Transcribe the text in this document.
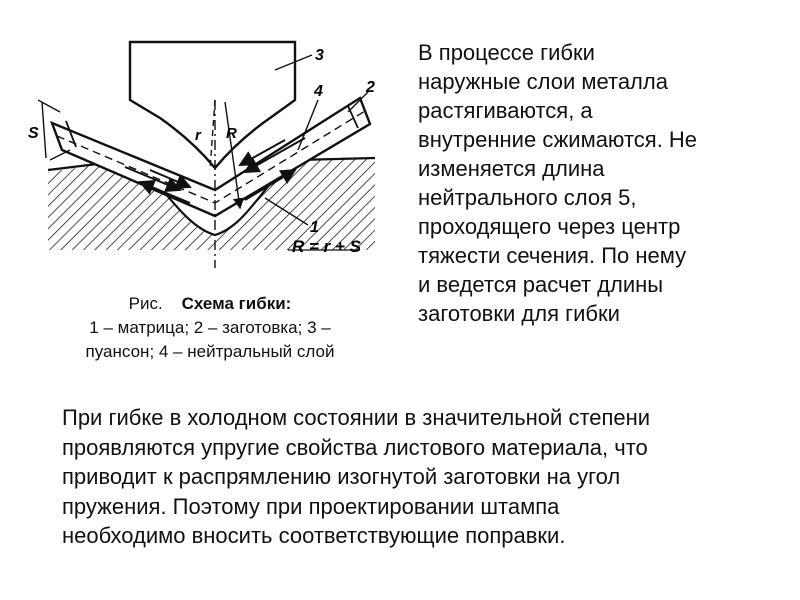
3
4	2
1
S	r R
R = r + S
Рис. Схема гибки:
1 – матрица; 2 – заготовка; 3 –
пуансон; 4 – нейтральный слой
В процессе гибки
наружные слои металла
растягиваются, а
внутренние сжимаются. Не
изменяется длина
нейтрального слоя 5,
проходящего через центр
тяжести сечения. По нему
и ведется расчет длины
заготовки для гибки
При гибке в холодном состоянии в значительной степени
проявляются упругие свойства листового материала, что
приводит к распрямлению изогнутой заготовки на угол
пружения. Поэтому при проектировании штампа
необходимо вносить соответствующие поправки.
